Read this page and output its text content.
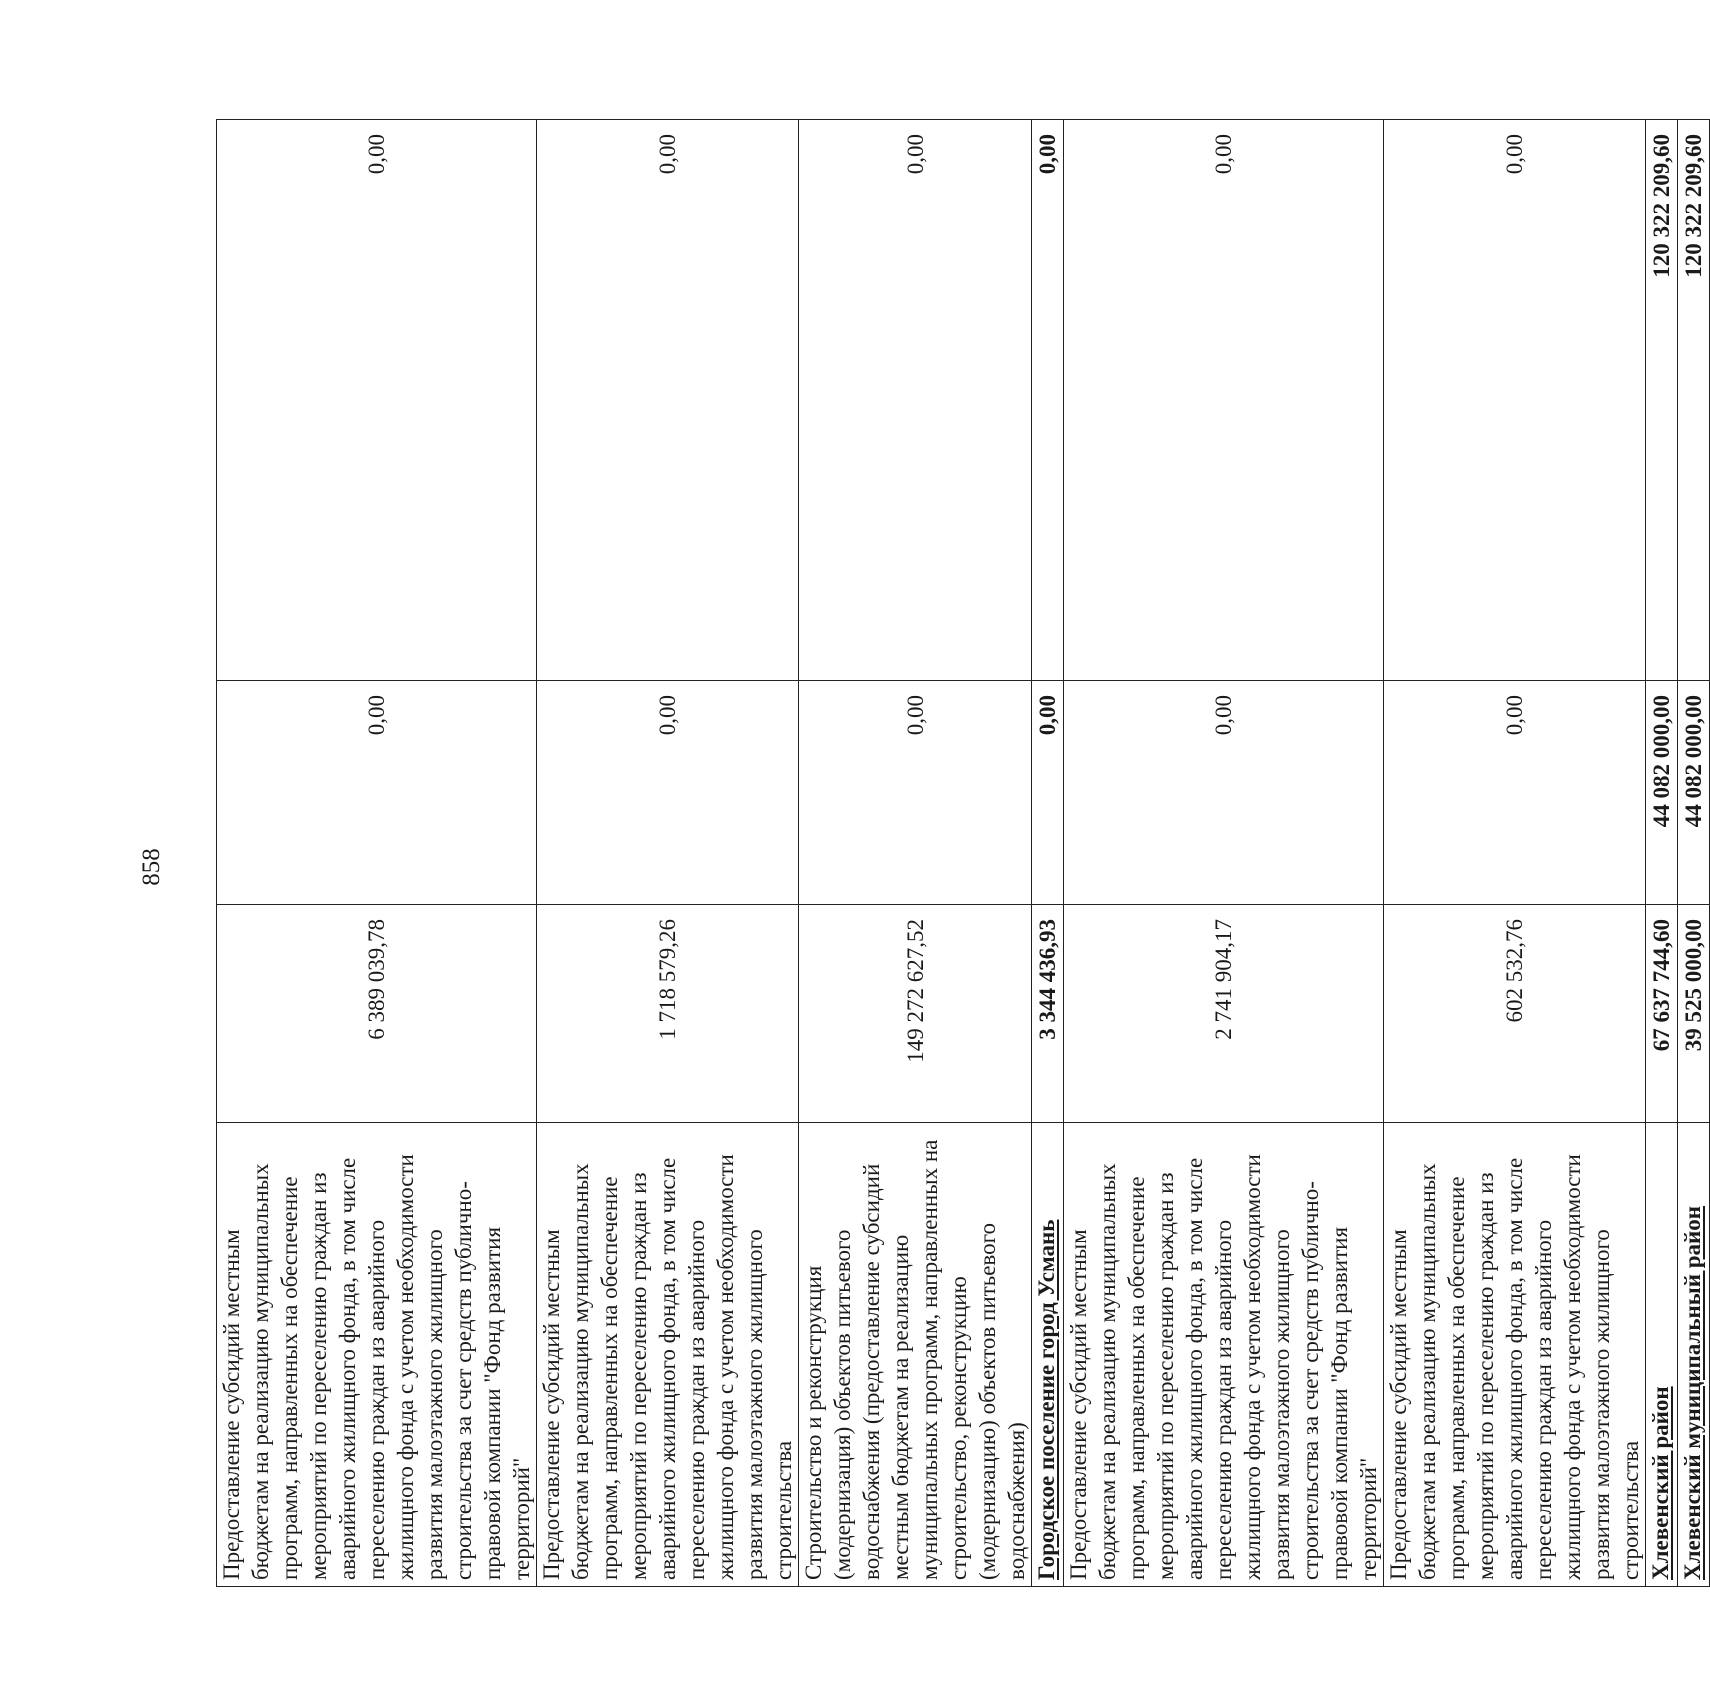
858
Предоставление субсидий местным бюджетам на реализацию муниципальных программ, направленных на обеспечение мероприятий по переселению граждан из аварийного жилищного фонда, в том числе переселению граждан из аварийного жилищного фонда с учетом необходимости развития малоэтажного жилищного строительства за счет средств публично-правовой компании "Фонд развития территорий"	6 389 039,78	0,00	0,00
Предоставление субсидий местным бюджетам на реализацию муниципальных программ, направленных на обеспечение мероприятий по переселению граждан из аварийного жилищного фонда, в том числе переселению граждан из аварийного жилищного фонда с учетом необходимости развития малоэтажного жилищного строительства	1 718 579,26	0,00	0,00
Строительство и реконструкция (модернизация) объектов питьевого водоснабжения (предоставление субсидий местным бюджетам на реализацию муниципальных программ, направленных на строительство, реконструкцию (модернизацию) объектов питьевого водоснабжения)	149 272 627,52	0,00	0,00
Городское поселение город Усмань	3 344 436,93	0,00	0,00
Предоставление субсидий местным бюджетам на реализацию муниципальных программ, направленных на обеспечение мероприятий по переселению граждан из аварийного жилищного фонда, в том числе переселению граждан из аварийного жилищного фонда с учетом необходимости развития малоэтажного жилищного строительства за счет средств публично-правовой компании "Фонд развития территорий"	2 741 904,17	0,00	0,00
Предоставление субсидий местным бюджетам на реализацию муниципальных программ, направленных на обеспечение мероприятий по переселению граждан из аварийного жилищного фонда, в том числе переселению граждан из аварийного жилищного фонда с учетом необходимости развития малоэтажного жилищного строительства	602 532,76	0,00	0,00
Хлевенский район	67 637 744,60	44 082 000,00	120 322 209,60
Хлевенский муниципальный район	39 525 000,00	44 082 000,00	120 322 209,60
